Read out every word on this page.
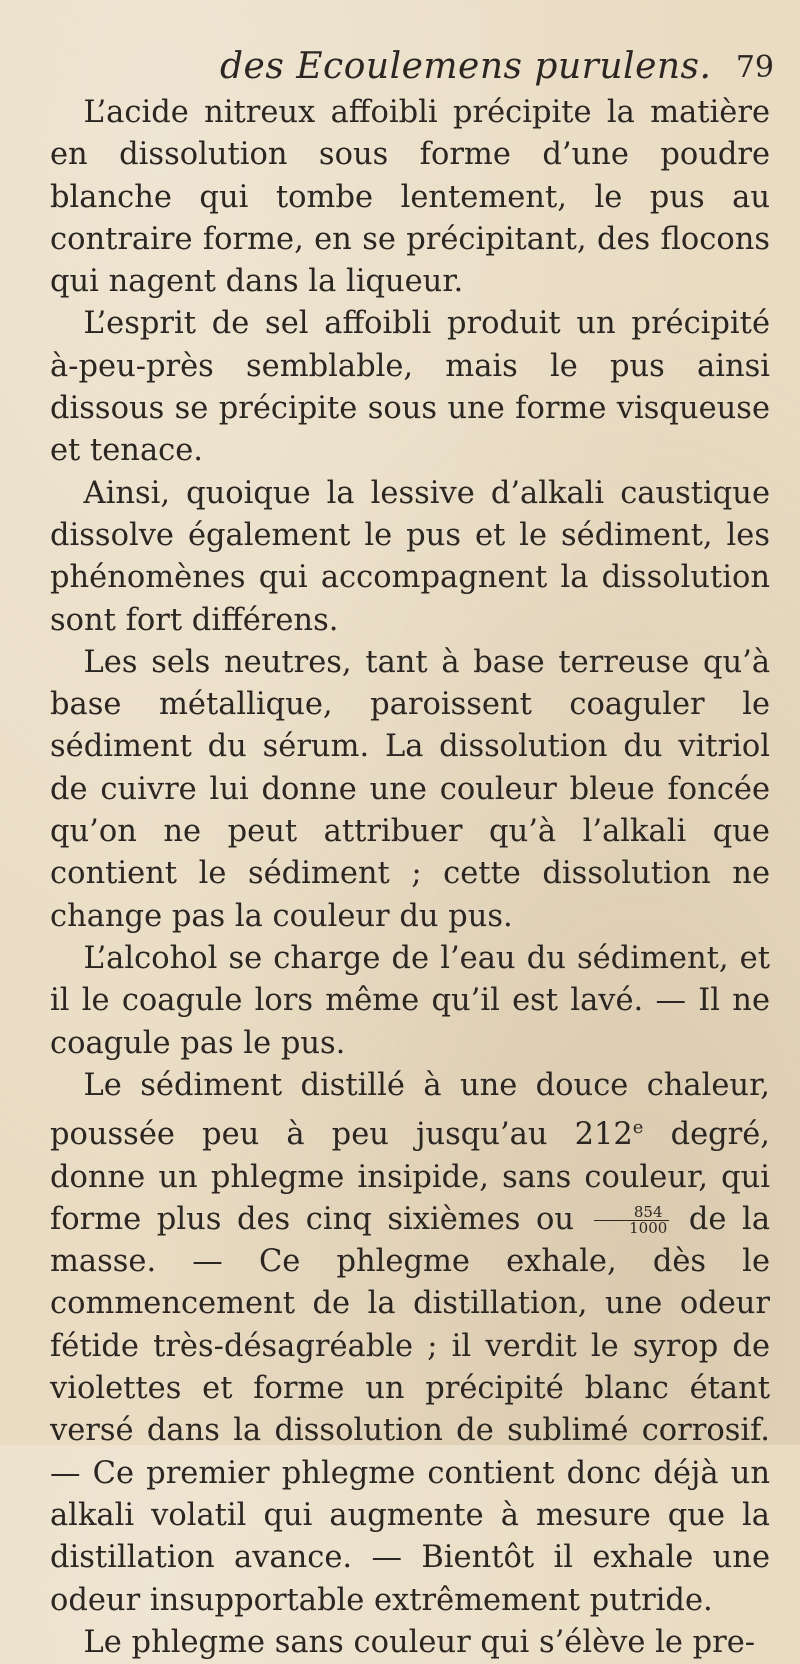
des Ecoulemens purulens. 79

L’acide nitreux affoibli précipite la matière en dissolution sous forme d’une poudre blanche qui tombe lentement, le pus au contraire forme, en se précipitant, des flocons qui nagent dans la liqueur.

L’esprit de sel affoibli produit un précipité à-peu-près semblable, mais le pus ainsi dissous se précipite sous une forme visqueuse et tenace.

Ainsi, quoique la lessive d’alkali caustique dissolve également le pus et le sédiment, les phénomènes qui accompagnent la dissolution sont fort différens.

Les sels neutres, tant à base terreuse qu’à base métallique, paroissent coaguler le sédiment du sérum. La dissolution du vitriol de cuivre lui donne une couleur bleue foncée qu’on ne peut attribuer qu’à l’alkali que contient le sédiment ; cette dissolution ne change pas la couleur du pus.

L’alcohol se charge de l’eau du sédiment, et il le coagule lors même qu’il est lavé. — Il ne coagule pas le pus.

Le sédiment distillé à une douce chaleur, poussée peu à peu jusqu’au 212e degré, donne un phlegme insipide, sans couleur, qui forme plus des cinq sixièmes ou $\frac{854}{1000}$ de la masse. — Ce phlegme exhale, dès le commencement de la distillation, une odeur fétide très-désagréable ; il verdit le syrop de violettes et forme un précipité blanc étant versé dans la dissolution de sublimé corrosif. — Ce premier phlegme contient donc déjà un alkali volatil qui augmente à mesure que la distillation avance. — Bientôt il exhale une odeur insupportable extrêmement putride.

Le phlegme sans couleur qui s’élève le pre-
